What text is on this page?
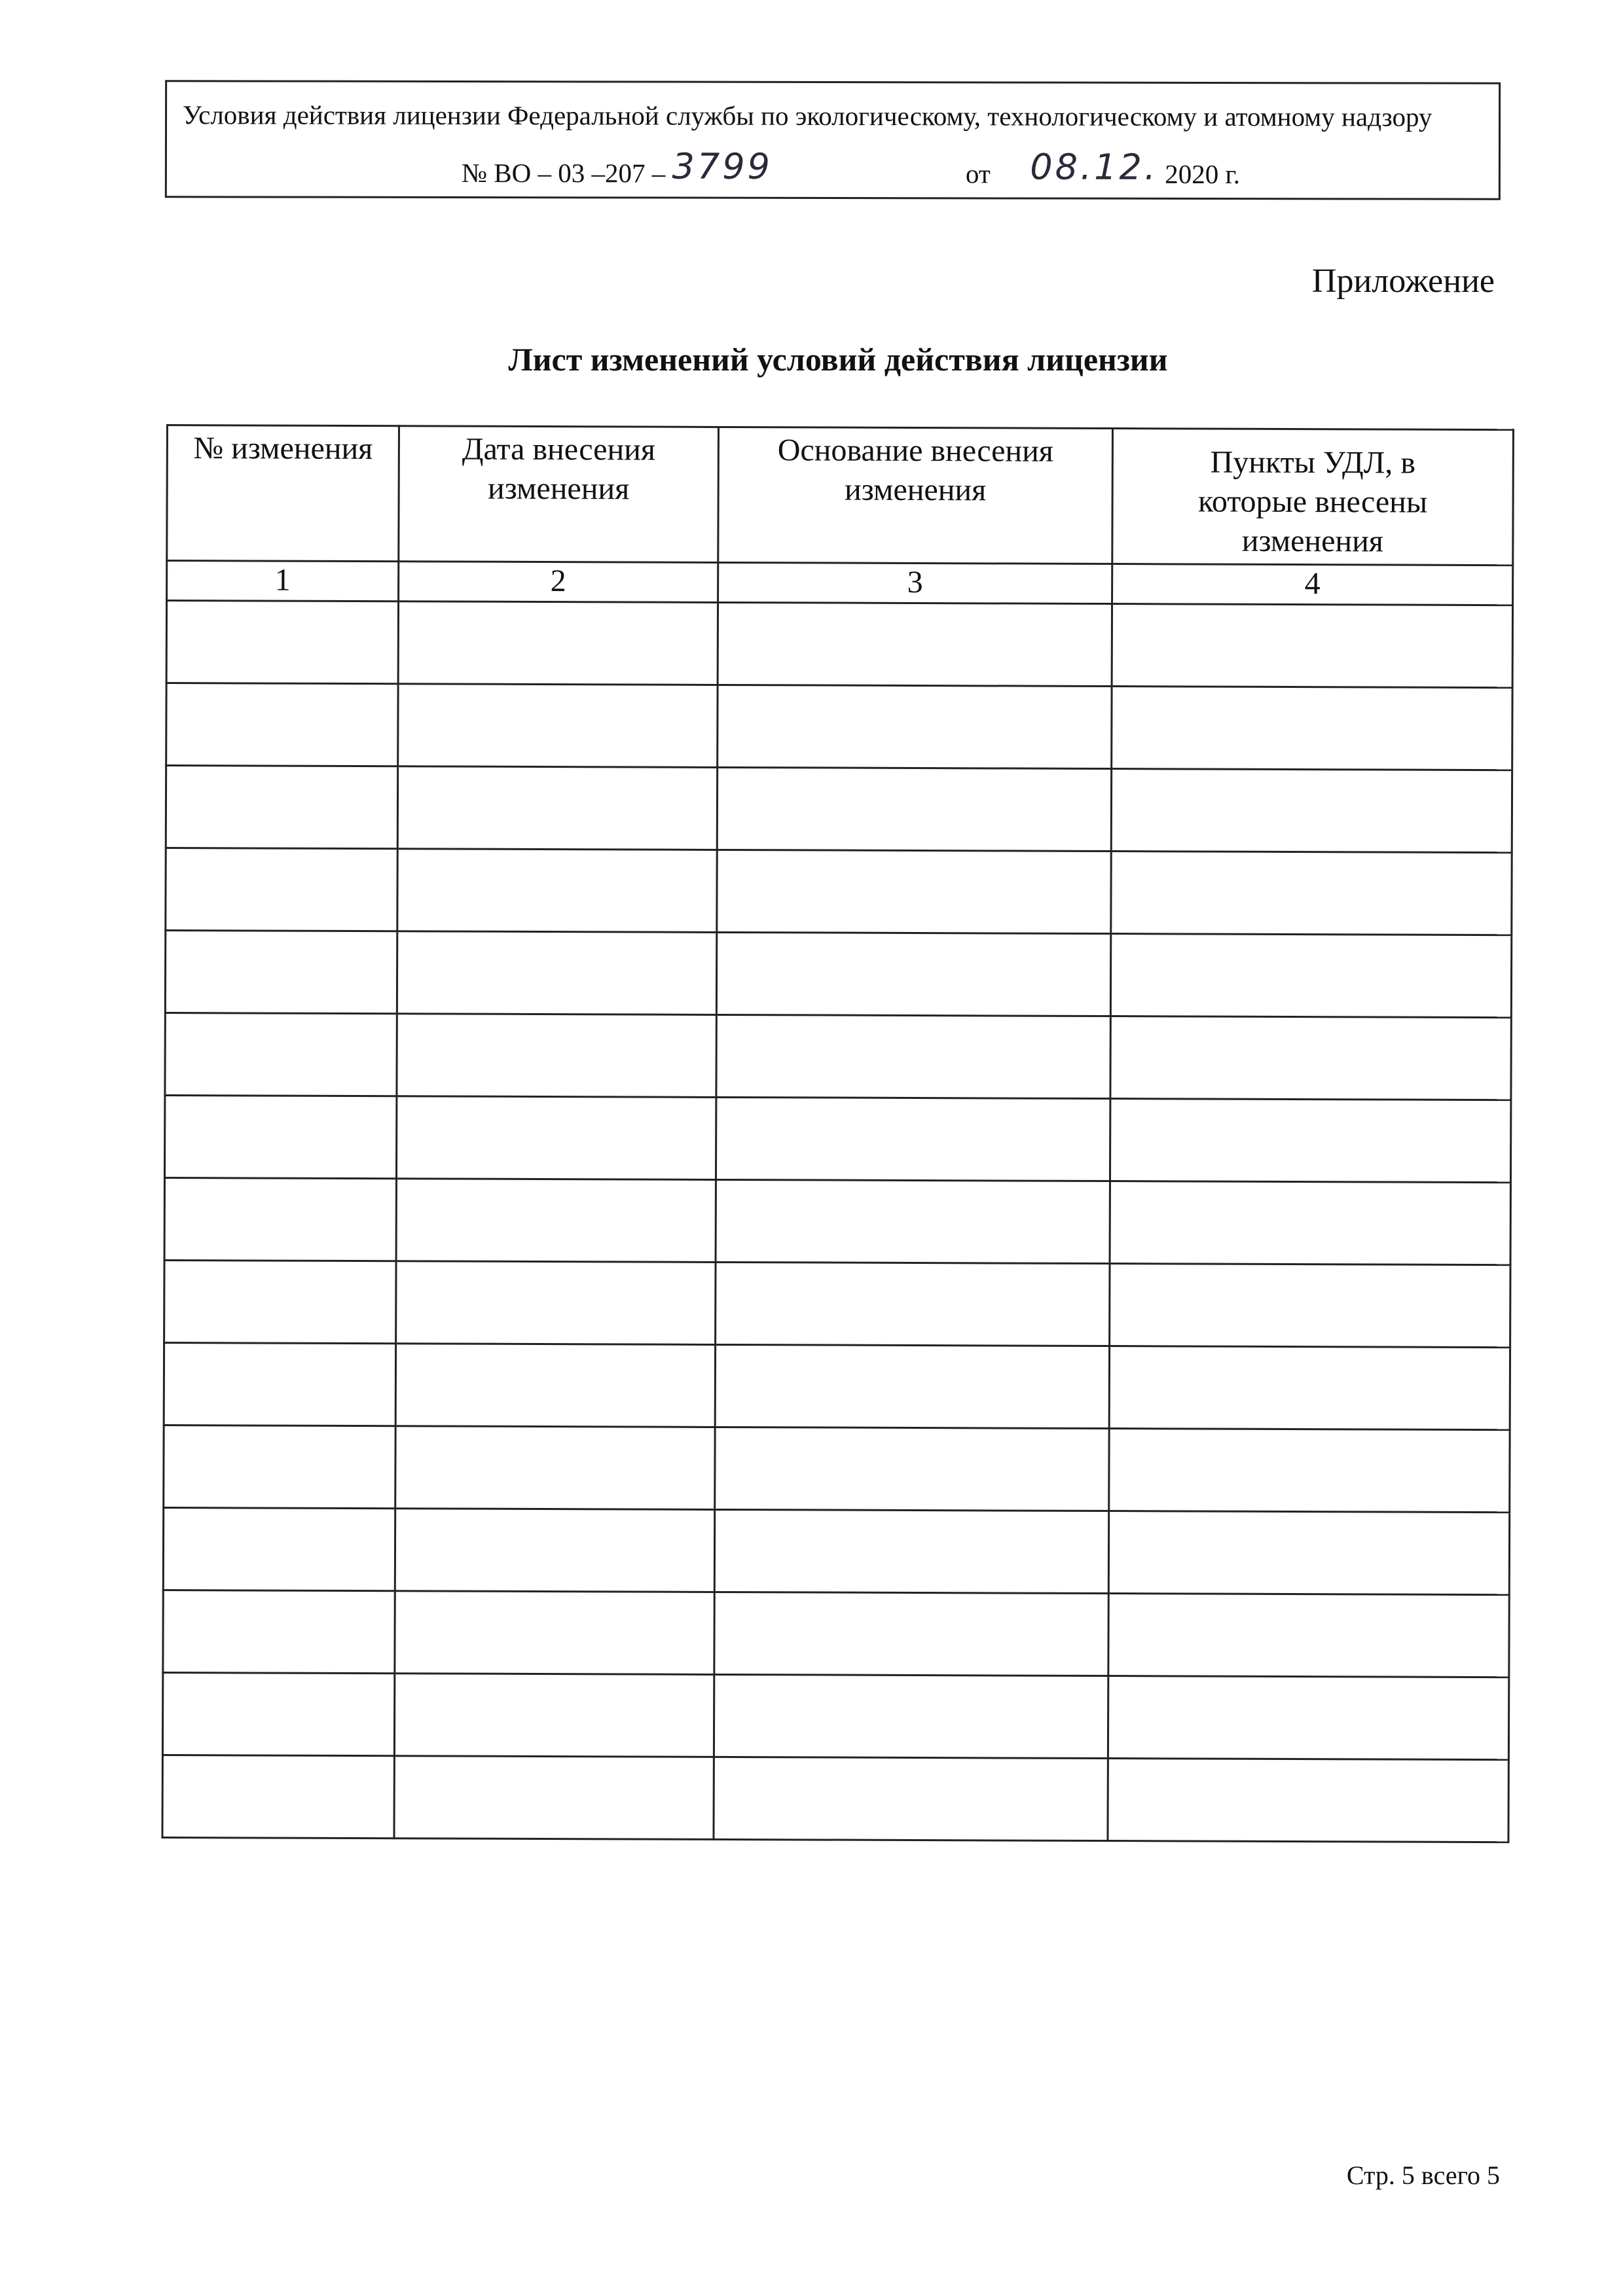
Условия действия лицензии Федеральной службы по экологическому, технологическому и атомному надзору
№ ВО – 03 –207 – 3799	от 08.12. 2020 г.
Приложение
Лист изменений условий действия лицензии
№ изменения	Дата внесения изменения	Основание внесения изменения	Пункты УДЛ, в которые внесены изменения
1	2	3	4

Стр. 5 всего 5
